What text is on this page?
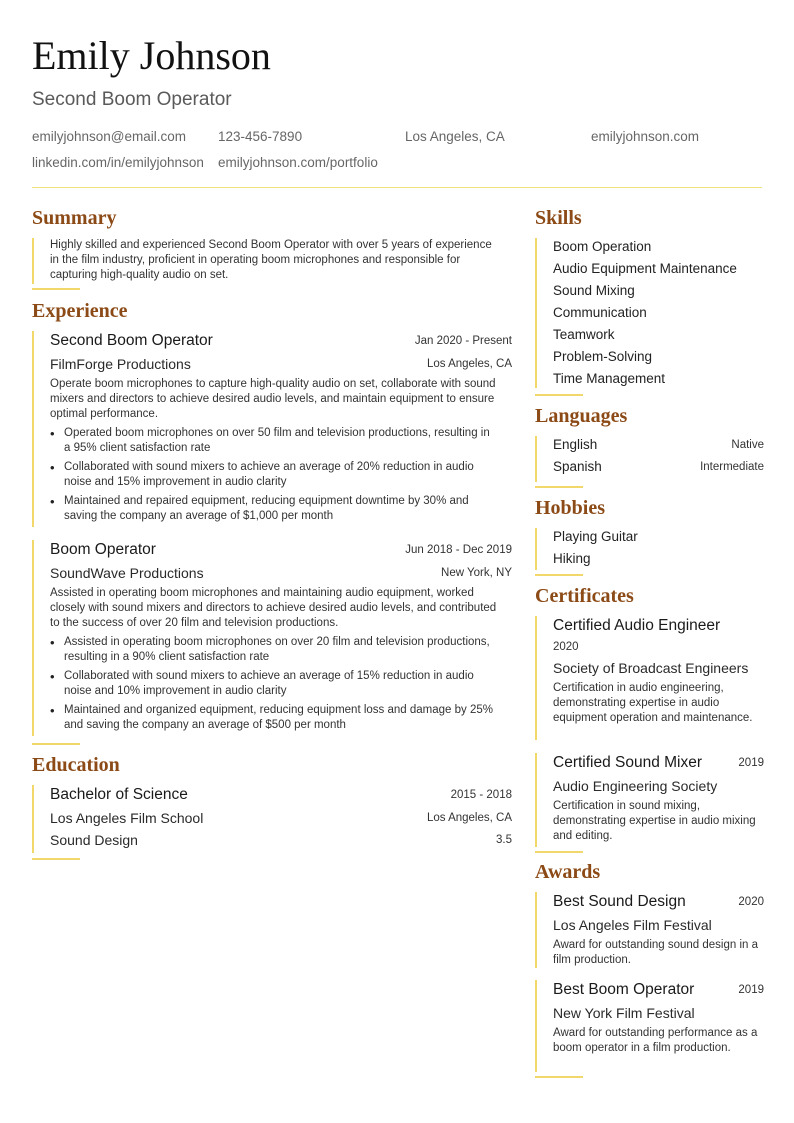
Emily Johnson
Second Boom Operator
emilyjohnson@email.com 123-456-7890	Los Angeles, CA	emilyjohnson.com
linkedin.com/in/emilyjohnson emilyjohnson.com/portfolio
Summary
Highly skilled and experienced Second Boom Operator with over 5 years of experience in the film industry, proficient in operating boom microphones and responsible for capturing high-quality audio on set.
Experience
Second Boom Operator	Jan 2020 - Present
FilmForge Productions	Los Angeles, CA
Operate boom microphones to capture high-quality audio on set, collaborate with sound mixers and directors to achieve desired audio levels, and maintain equipment to ensure optimal performance.
• Operated boom microphones on over 50 film and television productions, resulting in a 95% client satisfaction rate
• Collaborated with sound mixers to achieve an average of 20% reduction in audio noise and 15% improvement in audio clarity
• Maintained and repaired equipment, reducing equipment downtime by 30% and saving the company an average of $1,000 per month
Boom Operator	Jun 2018 - Dec 2019
SoundWave Productions	New York, NY
Assisted in operating boom microphones and maintaining audio equipment, worked closely with sound mixers and directors to achieve desired audio levels, and contributed to the success of over 20 film and television productions.
• Assisted in operating boom microphones on over 20 film and television productions, resulting in a 90% client satisfaction rate
• Collaborated with sound mixers to achieve an average of 15% reduction in audio noise and 10% improvement in audio clarity
• Maintained and organized equipment, reducing equipment loss and damage by 25% and saving the company an average of $500 per month
Education
Bachelor of Science	2015 - 2018
Los Angeles Film School	Los Angeles, CA
Sound Design	3.5
Skills
Boom Operation
Audio Equipment Maintenance
Sound Mixing
Communication
Teamwork
Problem-Solving
Time Management
Languages
English	Native
Spanish	Intermediate
Hobbies
Playing Guitar
Hiking
Certificates
Certified Audio Engineer
2020
Society of Broadcast Engineers
Certification in audio engineering, demonstrating expertise in audio equipment operation and maintenance.
Certified Sound Mixer	2019
Audio Engineering Society
Certification in sound mixing, demonstrating expertise in audio mixing and editing.
Awards
Best Sound Design	2020
Los Angeles Film Festival
Award for outstanding sound design in a film production.
Best Boom Operator	2019
New York Film Festival
Award for outstanding performance as a boom operator in a film production.
